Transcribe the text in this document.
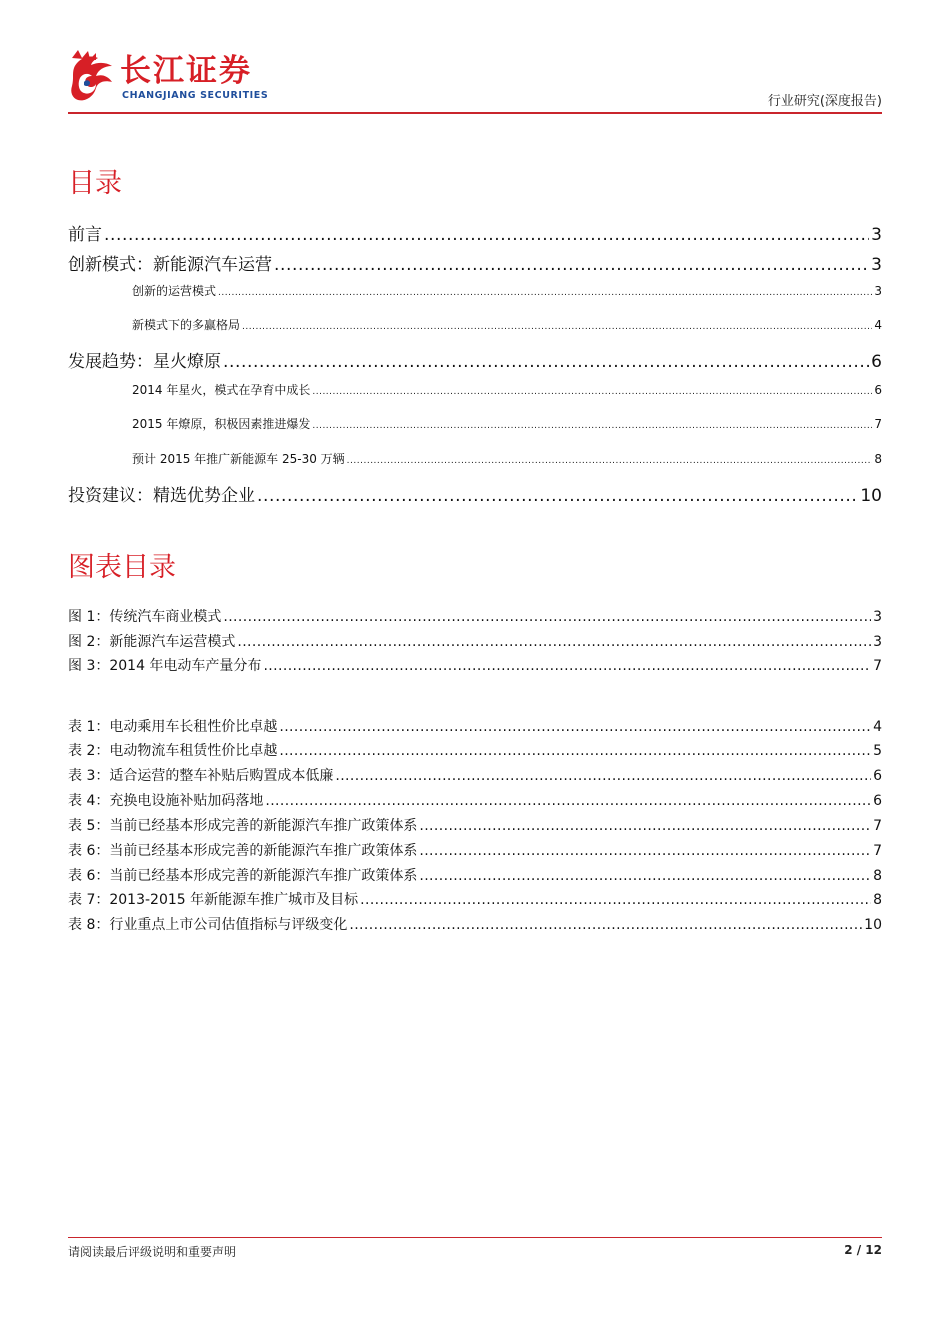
长江证券
CHANGJIANG SECURITIES	行业研究(深度报告)
目录
前言 .....	3
创新模式：新能源汽车运营 .....	3
创新的运营模式 .....	3
新模式下的多赢格局 .....	4
发展趋势：星火燎原 .....	6
2014 年星火，模式在孕育中成长 .....	6
2015 年燎原，积极因素推进爆发 .....	7
预计 2015 年推广新能源车 25-30 万辆 .....	8
投资建议：精选优势企业 .....	10
图表目录
图 1：传统汽车商业模式 .....	3
图 2：新能源汽车运营模式 .....	3
图 3：2014 年电动车产量分布 .....	7
表 1：电动乘用车长租性价比卓越 .....	4
表 2：电动物流车租赁性价比卓越 .....	5
表 3：适合运营的整车补贴后购置成本低廉 .....	6
表 4：充换电设施补贴加码落地 .....	6
表 5：当前已经基本形成完善的新能源汽车推广政策体系 .....	7
表 6：当前已经基本形成完善的新能源汽车推广政策体系 .....	7
表 6：当前已经基本形成完善的新能源汽车推广政策体系 .....	8
表 7：2013-2015 年新能源车推广城市及目标 .....	8
表 8：行业重点上市公司估值指标与评级变化 .....	10
请阅读最后评级说明和重要声明	2 / 12
